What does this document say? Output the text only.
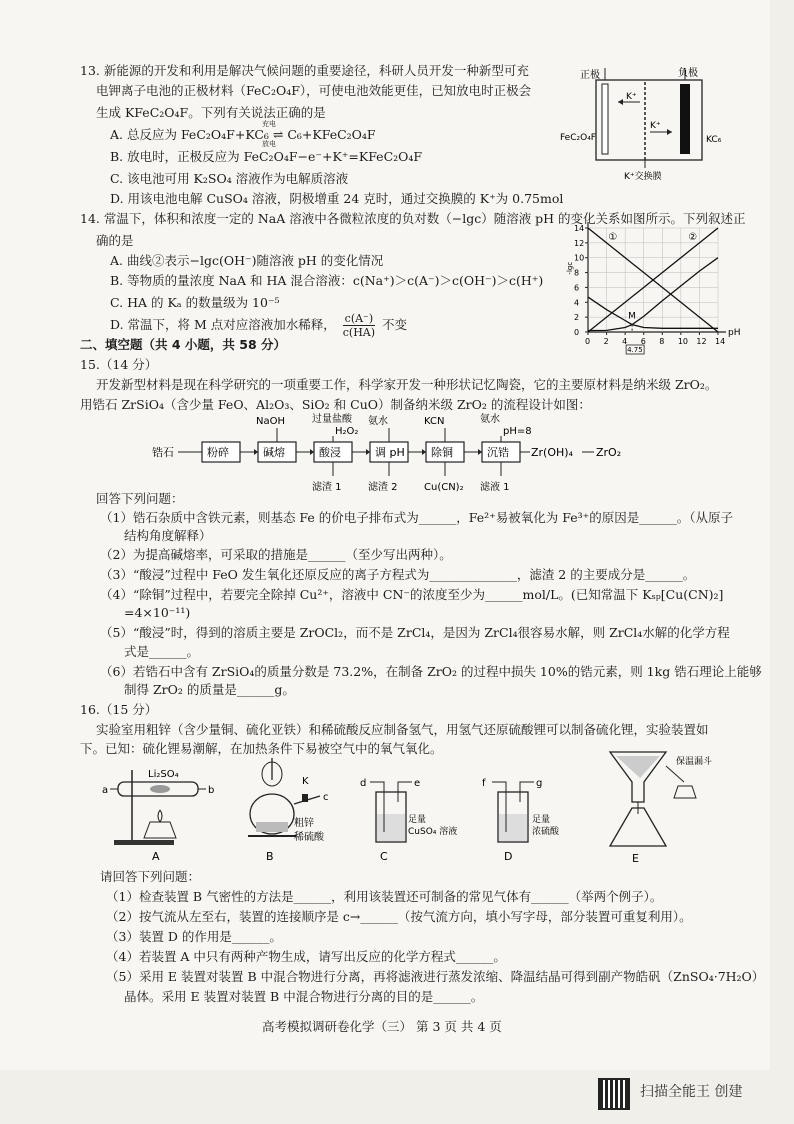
13. 新能源的开发和利用是解决气候问题的重要途径，科研人员开发一种新型可充
电钾离子电池的正极材料（FeC₂O₄F），可使电池效能更佳，已知放电时正极会
生成 KFeC₂O₄F。下列有关说法正确的是
A. 总反应为 FeC₂O₄F+KC₆ ⇌ C₆+KFeC₂O₄F
充电
放电
B. 放电时，正极反应为 FeC₂O₄F−e⁻+K⁺=KFeC₂O₄F
C. 该电池可用 K₂SO₄ 溶液作为电解质溶液
D. 用该电池电解 CuSO₄ 溶液，阴极增重 24 克时，通过交换膜的 K⁺为 0.75mol
正极	负极
K⁺
K⁺
FeC₂O₄F	KC₆
K⁺交换膜
14. 常温下，体积和浓度一定的 NaA 溶液中各微粒浓度的负对数（−lgc）随溶液 pH 的变化关系如图所示。下列叙述正
确的是
A. 曲线②表示−lgc(OH⁻)随溶液 pH 的变化情况
B. 等物质的量浓度 NaA 和 HA 混合溶液：c(Na⁺)＞c(A⁻)＞c(OH⁻)＞c(H⁺)
C. HA 的 Kₐ 的数量级为 10⁻⁵
D. 常温下，将 M 点对应溶液加水稀释， $\frac{c(A^-)}{c(HA)}$ 不变
0 2 4 6 8 10 12 14
0
2
4
6
8
10
12
14
pH
-lgc
①	②
M
4.75
二、填空题（共 4 小题，共 58 分）
15.（14 分）
开发新型材料是现在科学研究的一项重要工作，科学家开发一种形状记忆陶瓷，它的主要原材料是纳米级 ZrO₂。
用锆石 ZrSiO₄（含少量 FeO、Al₂O₃、SiO₂ 和 CuO）制备纳米级 ZrO₂ 的流程设计如图：
锆石	粉碎	碱熔
NaOH
酸浸
过量盐酸
H₂O₂
滤渣 1
调 pH
氨水
滤渣 2
除铜
KCN
Cu(CN)₂
沉锆
氨水
pH=8
滤液 1
Zr(OH)₄ ZrO₂
回答下列问题：
（1）锆石杂质中含铁元素，则基态 Fe 的价电子排布式为______，Fe²⁺易被氧化为 Fe³⁺的原因是______。（从原子
结构角度解释）
（2）为提高碱熔率，可采取的措施是______（至少写出两种）。
（3）“酸浸”过程中 FeO 发生氧化还原反应的离子方程式为______________，滤渣 2 的主要成分是______。
（4）“除铜”过程中，若要完全除掉 Cu²⁺，溶液中 CN⁻的浓度至少为______mol/L。(已知常温下 Kₛₚ[Cu(CN)₂]
=4×10⁻¹¹)
（5）“酸浸”时，得到的溶质主要是 ZrOCl₂，而不是 ZrCl₄，是因为 ZrCl₄很容易水解，则 ZrCl₄水解的化学方程
式是______。
（6）若锆石中含有 ZrSiO₄的质量分数是 73.2%，在制备 ZrO₂ 的过程中损失 10%的锆元素，则 1kg 锆石理论上能够
制得 ZrO₂ 的质量是______g。
16.（15 分）
实验室用粗锌（含少量铜、硫化亚铁）和稀硫酸反应制备氢气，用氢气还原硫酸锂可以制备硫化锂，实验装置如
下。已知：硫化锂易潮解，在加热条件下易被空气中的氧气氧化。
Li₂SO₄
a	b
A
K
c
粗锌
稀硫酸
B
d	e
足量
CuSO₄ 溶液
C
f	g
足量
浓硫酸
D
保温漏斗
E
请回答下列问题：
（1）检查装置 B 气密性的方法是______，利用该装置还可制备的常见气体有______（举两个例子）。
（2）按气流从左至右，装置的连接顺序是 c→______（按气流方向，填小写字母，部分装置可重复利用）。
（3）装置 D 的作用是______。
（4）若装置 A 中只有两种产物生成，请写出反应的化学方程式______。
（5）采用 E 装置对装置 B 中混合物进行分离，再将滤液进行蒸发浓缩、降温结晶可得到副产物皓矾（ZnSO₄·7H₂O）
晶体。采用 E 装置对装置 B 中混合物进行分离的目的是______。
高考模拟调研卷化学（三） 第 3 页 共 4 页
扫描全能王 创建
